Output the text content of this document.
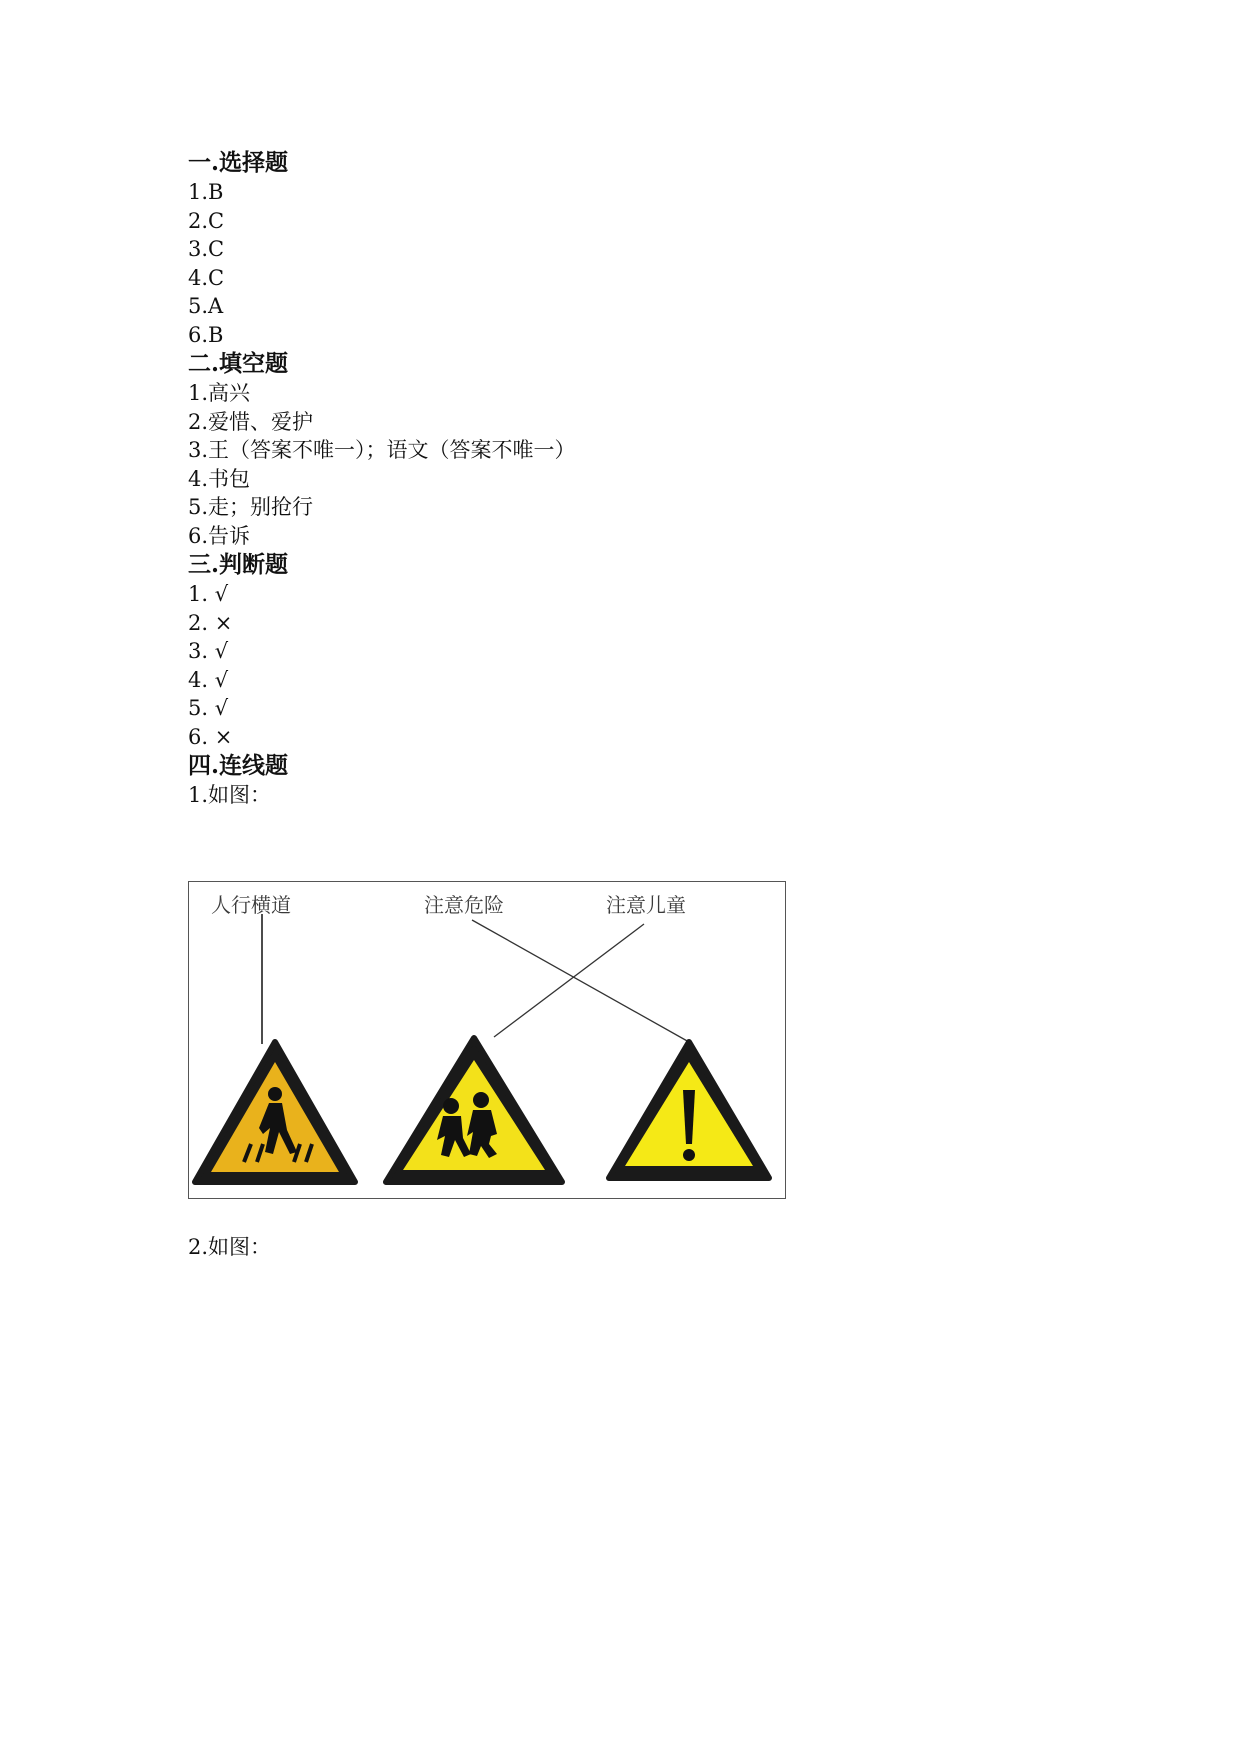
一.选择题
1.B
2.C
3.C
4.C
5.A
6.B
二.填空题
1.高兴
2.爱惜、爱护
3.王（答案不唯一）；语文（答案不唯一）
4.书包
5.走；别抢行
6.告诉
三.判断题
1. √
2. ×
3. √
4. √
5. √
6. ×
四.连线题
1.如图：
人行横道	注意危险	注意儿童
2.如图：
